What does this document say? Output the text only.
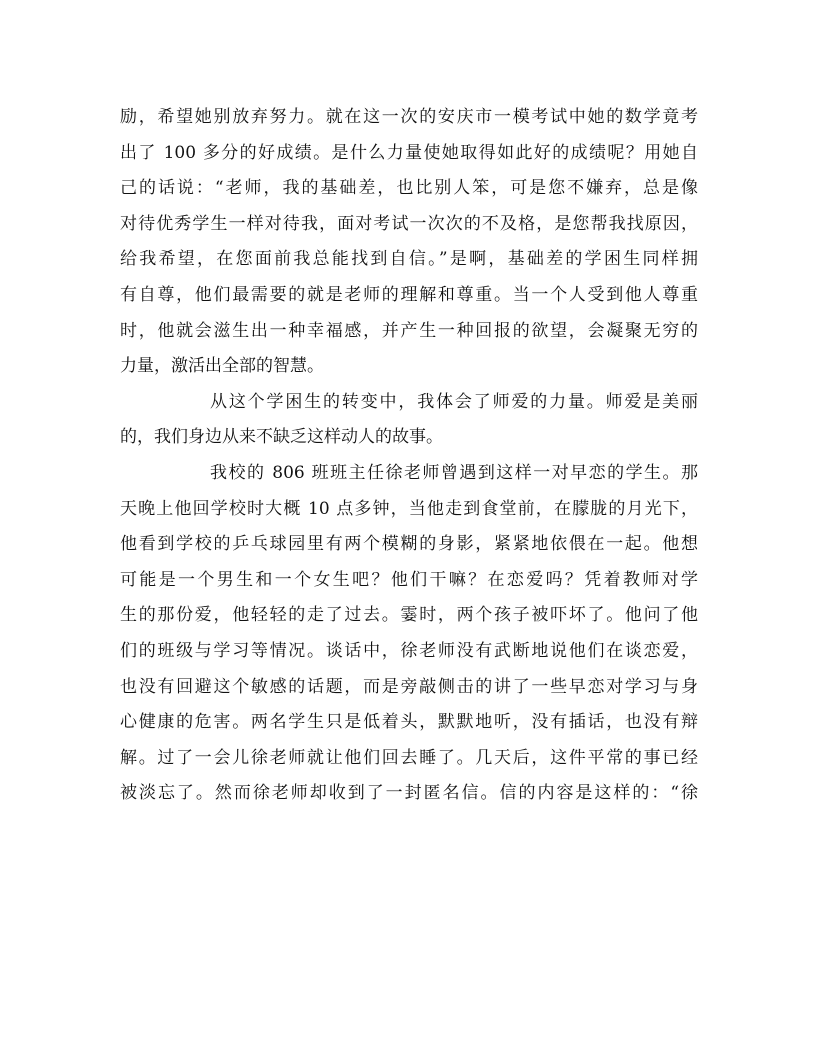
励，希望她别放弃努力。就在这一次的安庆市一模考试中她的数学竟考
出了 100 多分的好成绩。是什么力量使她取得如此好的成绩呢？用她自
己的话说：“老师，我的基础差，也比别人笨，可是您不嫌弃，总是像
对待优秀学生一样对待我，面对考试一次次的不及格，是您帮我找原因，
给我希望，在您面前我总能找到自信。”是啊，基础差的学困生同样拥
有自尊，他们最需要的就是老师的理解和尊重。当一个人受到他人尊重
时，他就会滋生出一种幸福感，并产生一种回报的欲望，会凝聚无穷的
力量，激活出全部的智慧。
从这个学困生的转变中，我体会了师爱的力量。师爱是美丽
的，我们身边从来不缺乏这样动人的故事。
我校的 806 班班主任徐老师曾遇到这样一对早恋的学生。那
天晚上他回学校时大概 10 点多钟，当他走到食堂前，在朦胧的月光下，
他看到学校的乒乓球园里有两个模糊的身影，紧紧地依偎在一起。他想
可能是一个男生和一个女生吧？他们干嘛？在恋爱吗？凭着教师对学
生的那份爱，他轻轻的走了过去。霎时，两个孩子被吓坏了。他问了他
们的班级与学习等情况。谈话中，徐老师没有武断地说他们在谈恋爱，
也没有回避这个敏感的话题，而是旁敲侧击的讲了一些早恋对学习与身
心健康的危害。两名学生只是低着头，默默地听，没有插话，也没有辩
解。过了一会儿徐老师就让他们回去睡了。几天后，这件平常的事已经
被淡忘了。然而徐老师却收到了一封匿名信。信的内容是这样的：“徐
